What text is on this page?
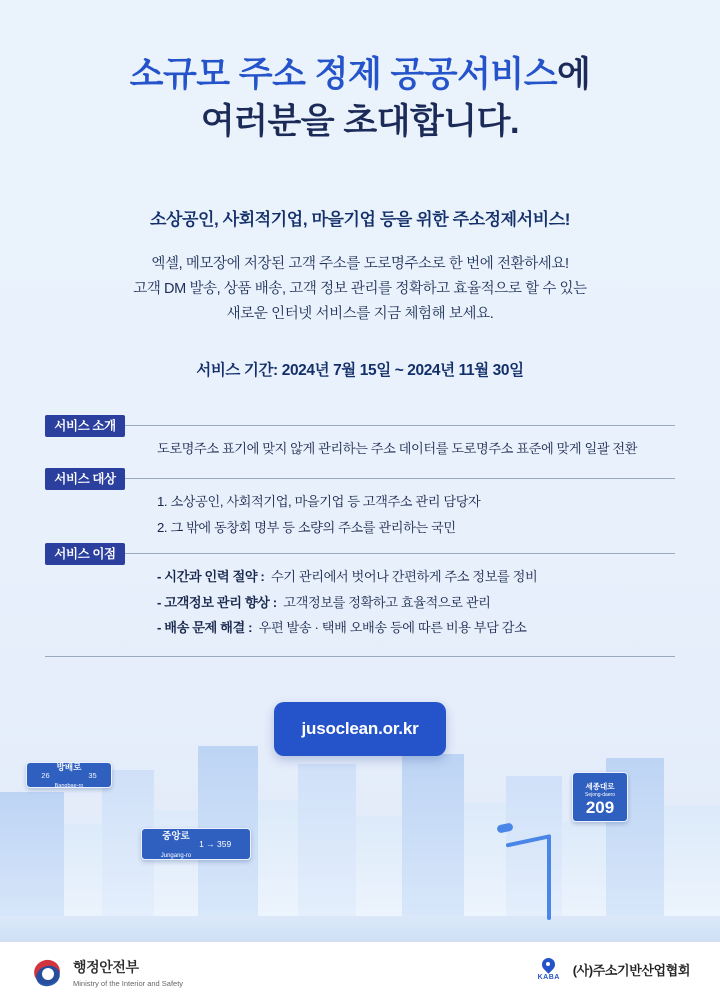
소규모 주소 정제 공공서비스에
여러분을 초대합니다.
소상공인, 사회적기업, 마을기업 등을 위한 주소정제서비스!
엑셀, 메모장에 저장된 고객 주소를 도로명주소로 한 번에 전환하세요!
고객 DM 발송, 상품 배송, 고객 정보 관리를 정확하고 효율적으로 할 수 있는
새로운 인터넷 서비스를 지금 체험해 보세요.
서비스 기간: 2024년 7월 15일 ~ 2024년 11월 30일
서비스 소개
도로명주소 표기에 맞지 않게 관리하는 주소 데이터를 도로명주소 표준에 맞게 일괄 전환
서비스 대상
1. 소상공인, 사회적기업, 마을기업 등 고객주소 관리 담당자
2. 그 밖에 동창회 명부 등 소량의 주소를 관리하는 국민
서비스 이점
- 시간과 인력 절약 : 수기 관리에서 벗어나 간편하게 주소 정보를 정비
- 고객정보 관리 향상 : 고객정보를 정확하고 효율적으로 관리
- 배송 문제 해결 : 우편 발송 · 택배 오배송 등에 따른 비용 부담 감소
jusoclean.or.kr
26
방배로
Bangbae-ro
35
중앙로
Jungang-ro
1 → 359
세종대로
Sejong-daero
209
행정안전부
Ministry of the Interior and Safety
KABA (사)주소기반산업협회
